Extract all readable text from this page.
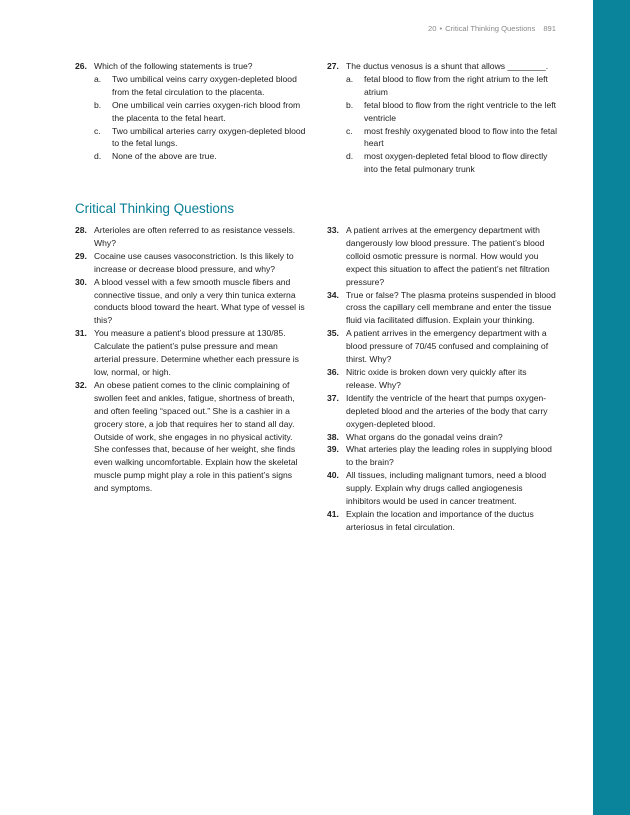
20 • Critical Thinking Questions 891
26. Which of the following statements is true?
a.	Two umbilical veins carry oxygen-depleted blood from the fetal circulation to the placenta.
b.	One umbilical vein carries oxygen-rich blood from the placenta to the fetal heart.
c.	Two umbilical arteries carry oxygen-depleted blood to the fetal lungs.
d.	None of the above are true.
27. The ductus venosus is a shunt that allows ________.
a.	fetal blood to flow from the right atrium to the left atrium
b.	fetal blood to flow from the right ventricle to the left ventricle
c.	most freshly oxygenated blood to flow into the fetal heart
d.	most oxygen-depleted fetal blood to flow directly into the fetal pulmonary trunk
Critical Thinking Questions
28. Arterioles are often referred to as resistance vessels. Why?
29. Cocaine use causes vasoconstriction. Is this likely to increase or decrease blood pressure, and why?
30. A blood vessel with a few smooth muscle fibers and connective tissue, and only a very thin tunica externa conducts blood toward the heart. What type of vessel is this?
31. You measure a patient’s blood pressure at 130/85. Calculate the patient’s pulse pressure and mean arterial pressure. Determine whether each pressure is low, normal, or high.
32. An obese patient comes to the clinic complaining of swollen feet and ankles, fatigue, shortness of breath, and often feeling “spaced out.” She is a cashier in a grocery store, a job that requires her to stand all day. Outside of work, she engages in no physical activity. She confesses that, because of her weight, she finds even walking uncomfortable. Explain how the skeletal muscle pump might play a role in this patient’s signs and symptoms.
33. A patient arrives at the emergency department with dangerously low blood pressure. The patient’s blood colloid osmotic pressure is normal. How would you expect this situation to affect the patient’s net filtration pressure?
34. True or false? The plasma proteins suspended in blood cross the capillary cell membrane and enter the tissue fluid via facilitated diffusion. Explain your thinking.
35. A patient arrives in the emergency department with a blood pressure of 70/45 confused and complaining of thirst. Why?
36. Nitric oxide is broken down very quickly after its release. Why?
37. Identify the ventricle of the heart that pumps oxygen-depleted blood and the arteries of the body that carry oxygen-depleted blood.
38. What organs do the gonadal veins drain?
39. What arteries play the leading roles in supplying blood to the brain?
40. All tissues, including malignant tumors, need a blood supply. Explain why drugs called angiogenesis inhibitors would be used in cancer treatment.
41. Explain the location and importance of the ductus arteriosus in fetal circulation.
